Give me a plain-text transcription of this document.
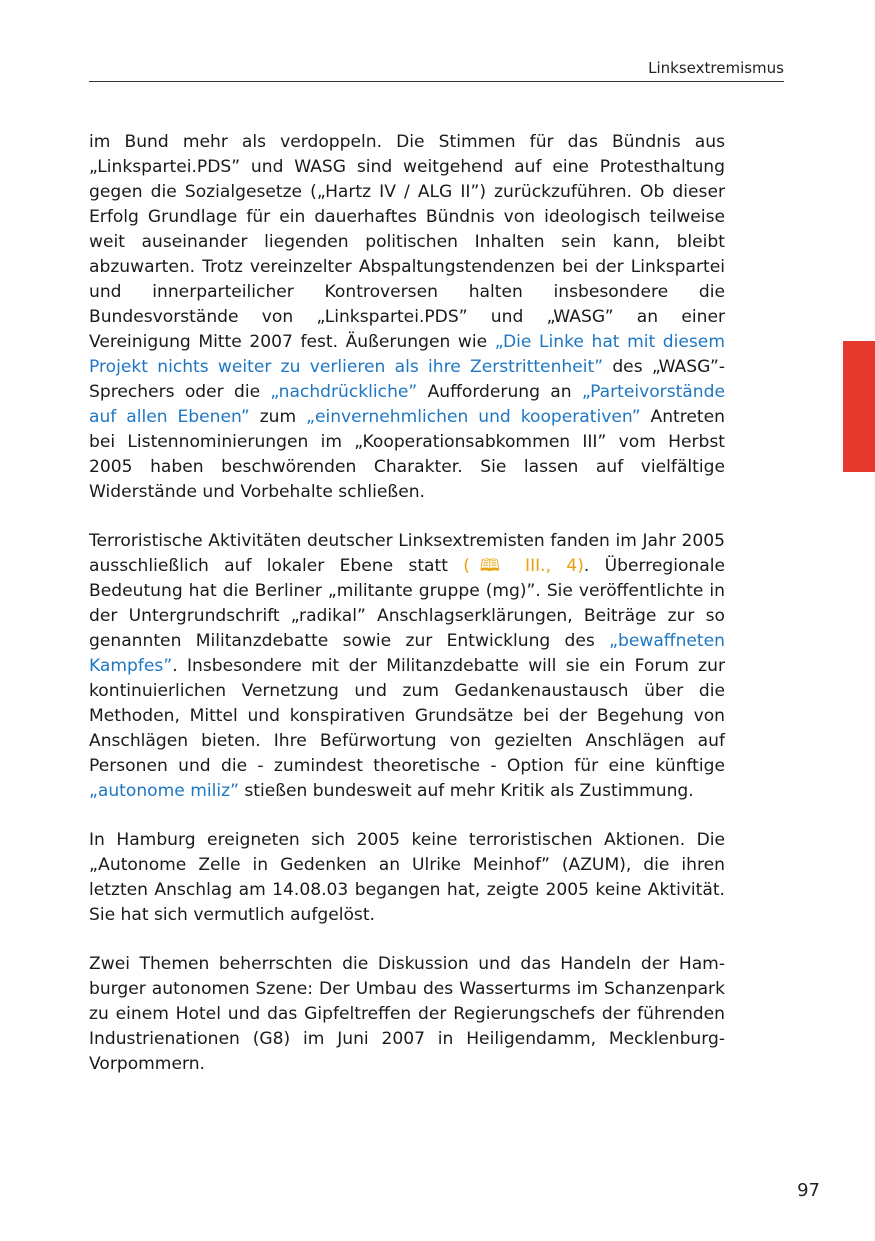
Linksextremismus

im Bund mehr als verdoppeln. Die Stimmen für das Bündnis aus „Linkspartei.PDS” und WASG sind weitgehend auf eine Protesthaltung gegen die Sozialgesetze („Hartz IV / ALG II”) zurückzuführen. Ob dieser Erfolg Grundlage für ein dauerhaftes Bündnis von ideologisch teilweise weit auseinander liegenden politischen Inhalten sein kann, bleibt abzuwarten. Trotz vereinzelter Abspaltungstendenzen bei der Linkspartei und innerparteilicher Kontroversen halten insbesondere die Bundesvorstände von „Linkspartei.PDS” und „WASG” an einer Vereinigung Mitte 2007 fest. Äußerungen wie „Die Linke hat mit diesem Projekt nichts weiter zu verlieren als ihre Zerstrittenheit” des „WASG”-Sprechers oder die „nachdrückliche” Aufforderung an „Parteivorstände auf allen Ebenen” zum „einvernehmlichen und kooperativen” Antreten bei Listennominierungen im „Kooperationsabkommen III” vom Herbst 2005 haben beschwörenden Charakter. Sie lassen auf vielfältige Widerstände und Vorbehalte schließen.

Terroristische Aktivitäten deutscher Linksextremisten fanden im Jahr 2005 ausschließlich auf lokaler Ebene statt (🕮 III., 4). Überregionale Bedeutung hat die Berliner „militante gruppe (mg)”. Sie veröffentlichte in der Untergrundschrift „radikal” Anschlagserklärungen, Beiträge zur so genannten Militanzdebatte sowie zur Entwicklung des „bewaffneten Kampfes”. Insbesondere mit der Militanzdebatte will sie ein Forum zur kontinuierlichen Vernetzung und zum Gedankenaustausch über die Methoden, Mittel und konspirativen Grundsätze bei der Begehung von Anschlägen bieten. Ihre Befürwortung von gezielten Anschlägen auf Personen und die - zumindest theoretische - Option für eine künftige „autonome miliz” stießen bundesweit auf mehr Kritik als Zustimmung.

In Hamburg ereigneten sich 2005 keine terroristischen Aktionen. Die „Autonome Zelle in Gedenken an Ulrike Meinhof” (AZUM), die ihren letzten Anschlag am 14.08.03 begangen hat, zeigte 2005 keine Aktivität. Sie hat sich vermutlich aufgelöst.

Zwei Themen beherrschten die Diskussion und das Handeln der Hamburger autonomen Szene: Der Umbau des Wasserturms im Schanzenpark zu einem Hotel und das Gipfeltreffen der Regierungschefs der führenden Industrienationen (G8) im Juni 2007 in Heiligendamm, Mecklenburg-Vorpommern.

97
